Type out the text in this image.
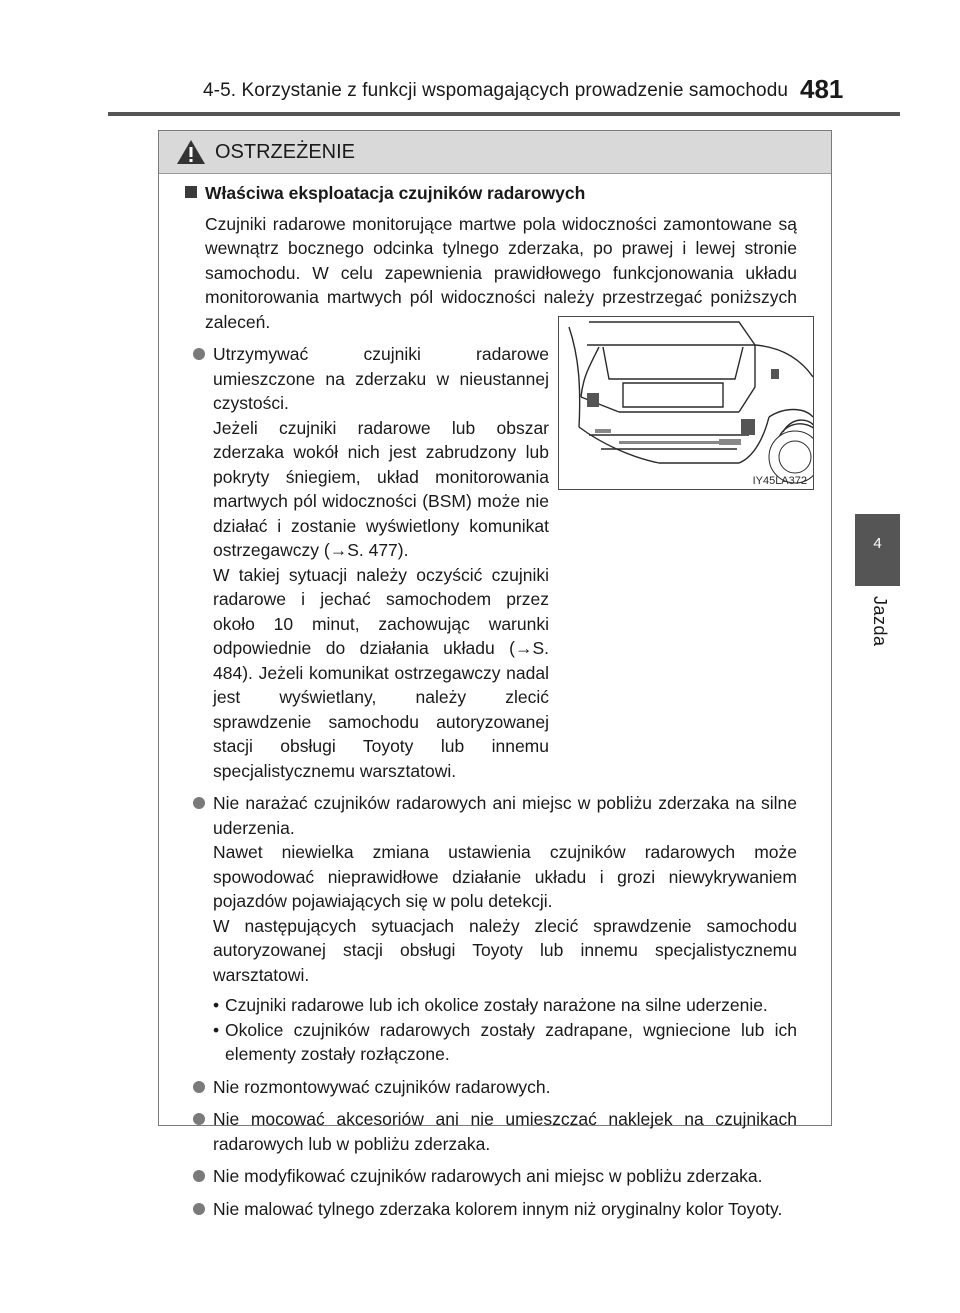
4-5. Korzystanie z funkcji wspomagających prowadzenie samochodu 481
4
Jazda
OSTRZEŻENIE
Właściwa eksploatacja czujników radarowych
Czujniki radarowe monitorujące martwe pola widoczności zamontowane są wewnątrz bocznego odcinka tylnego zderzaka, po prawej i lewej stronie samochodu. W celu zapewnienia prawidłowego funkcjonowania układu monitorowania martwych pól widoczności należy przestrzegać poniższych zaleceń.

Utrzymywać czujniki radarowe umieszczone na zderzaku w nieustannej czystości.

Jeżeli czujniki radarowe lub obszar zderzaka wokół nich jest zabrudzony lub pokryty śniegiem, układ monitorowania martwych pól widoczności (BSM) może nie działać i zostanie wyświetlony komunikat ostrzegawczy (→S. 477).

W takiej sytuacji należy oczyścić czujniki radarowe i jechać samochodem przez około 10 minut, zachowując warunki odpowiednie do działania układu (→S. 484). Jeżeli komunikat ostrzegawczy nadal jest wyświetlany, należy zlecić sprawdzenie samochodu autoryzowanej stacji obsługi Toyoty lub innemu specjalistycznemu warsztatowi.

Nie narażać czujników radarowych ani miejsc w pobliżu zderzaka na silne uderzenia.

Nawet niewielka zmiana ustawienia czujników radarowych może spowodować nieprawidłowe działanie układu i grozi niewykrywaniem pojazdów pojawiających się w polu detekcji.

W następujących sytuacjach należy zlecić sprawdzenie samochodu autoryzowanej stacji obsługi Toyoty lub innemu specjalistycznemu warsztatowi.

• Czujniki radarowe lub ich okolice zostały narażone na silne uderzenie.
• Okolice czujników radarowych zostały zadrapane, wgniecione lub ich elementy zostały rozłączone.

Nie rozmontowywać czujników radarowych.

Nie mocować akcesoriów ani nie umieszczać naklejek na czujnikach radarowych lub w pobliżu zderzaka.

Nie modyfikować czujników radarowych ani miejsc w pobliżu zderzaka.

Nie malować tylnego zderzaka kolorem innym niż oryginalny kolor Toyoty.

IY45LA372
